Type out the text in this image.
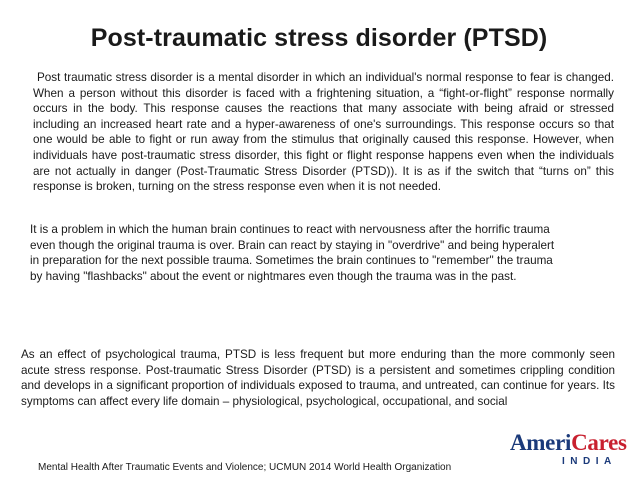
Post-traumatic stress disorder (PTSD)
Post traumatic stress disorder is a mental disorder in which an individual's normal response to fear is changed. When a person without this disorder is faced with a frightening situation, a “fight-or-flight” response normally occurs in the body. This response causes the reactions that many associate with being afraid or stressed including an increased heart rate and a hyper-awareness of one's surroundings. This response occurs so that one would be able to fight or run away from the stimulus that originally caused this response. However, when individuals have post-traumatic stress disorder, this fight or flight response happens even when the individuals are not actually in danger (Post-Traumatic Stress Disorder (PTSD)). It is as if the switch that “turns on” this response is broken, turning on the stress response even when it is not needed.
It is a problem in which the human brain continues to react with nervousness after the horrific trauma
even though the original trauma is over. Brain can react by staying in "overdrive" and being hyperalert
in preparation for the next possible trauma. Sometimes the brain continues to "remember" the trauma
by having "flashbacks" about the event or nightmares even though the trauma was in the past.
As an effect of psychological trauma, PTSD is less frequent but more enduring than the more commonly seen acute stress response. Post-traumatic Stress Disorder (PTSD) is a persistent and sometimes crippling condition and develops in a significant proportion of individuals exposed to trauma, and untreated, can continue for years. Its symptoms can affect every life domain – physiological, psychological, occupational, and social
Mental Health After Traumatic Events and Violence; UCMUN 2014 World Health Organization
AmeriCares
INDIA
